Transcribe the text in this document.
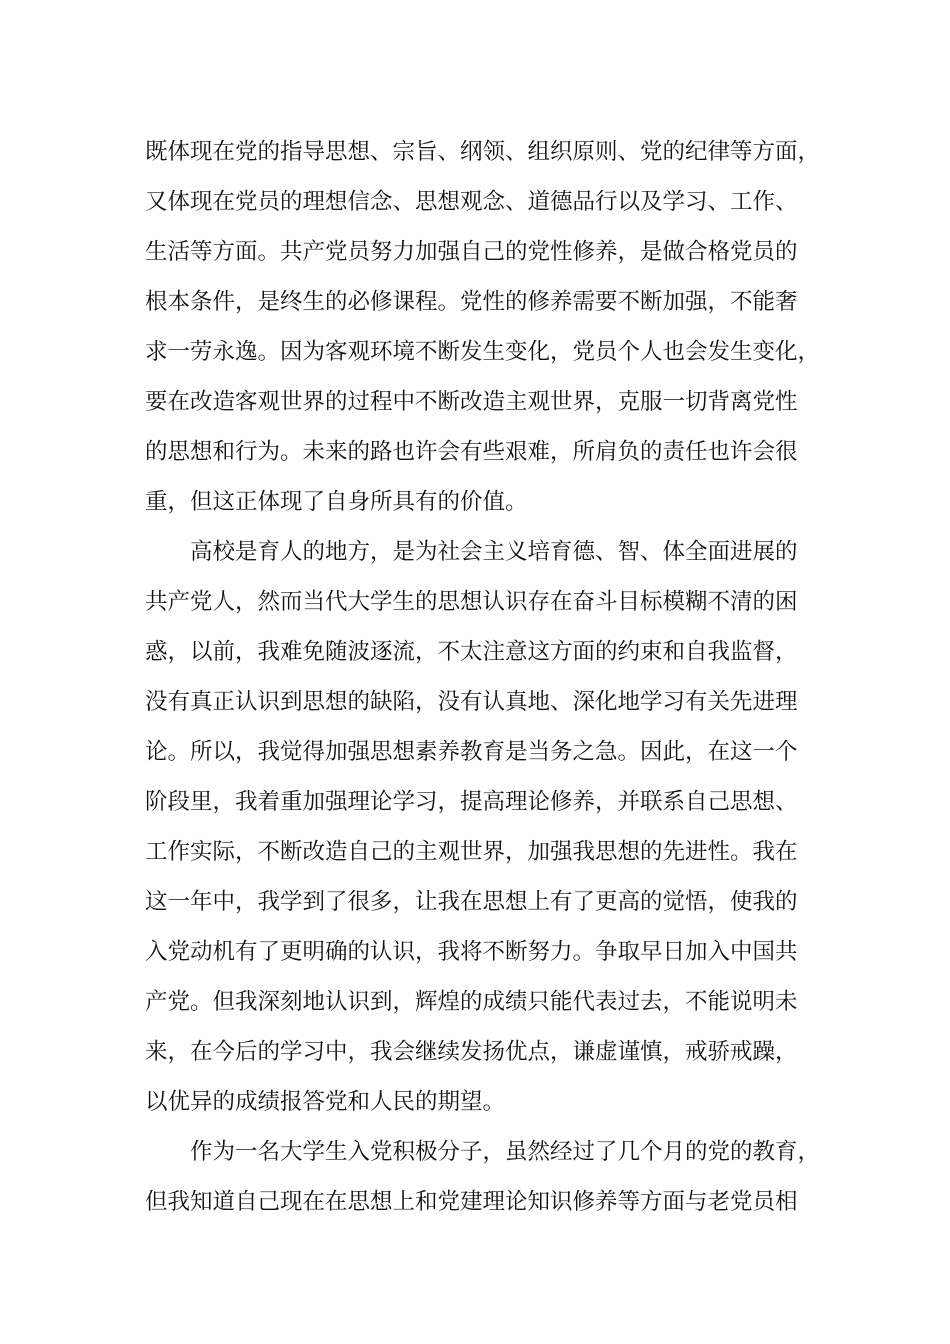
既体现在党的指导思想、宗旨、纲领、组织原则、党的纪律等方面，
又体现在党员的理想信念、思想观念、道德品行以及学习、工作、
生活等方面。共产党员努力加强自己的党性修养，是做合格党员的
根本条件，是终生的必修课程。党性的修养需要不断加强，不能奢
求一劳永逸。因为客观环境不断发生变化，党员个人也会发生变化，
要在改造客观世界的过程中不断改造主观世界，克服一切背离党性
的思想和行为。未来的路也许会有些艰难，所肩负的责任也许会很
重，但这正体现了自身所具有的价值。
高校是育人的地方，是为社会主义培育德、智、体全面进展的
共产党人，然而当代大学生的思想认识存在奋斗目标模糊不清的困
惑，以前，我难免随波逐流，不太注意这方面的约束和自我监督，
没有真正认识到思想的缺陷，没有认真地、深化地学习有关先进理
论。所以，我觉得加强思想素养教育是当务之急。因此，在这一个
阶段里，我着重加强理论学习，提高理论修养，并联系自己思想、
工作实际，不断改造自己的主观世界，加强我思想的先进性。我在
这一年中，我学到了很多，让我在思想上有了更高的觉悟，使我的
入党动机有了更明确的认识，我将不断努力。争取早日加入中国共
产党。但我深刻地认识到，辉煌的成绩只能代表过去，不能说明未
来，在今后的学习中，我会继续发扬优点，谦虚谨慎，戒骄戒躁，
以优异的成绩报答党和人民的期望。
作为一名大学生入党积极分子，虽然经过了几个月的党的教育，
但我知道自己现在在思想上和党建理论知识修养等方面与老党员相
